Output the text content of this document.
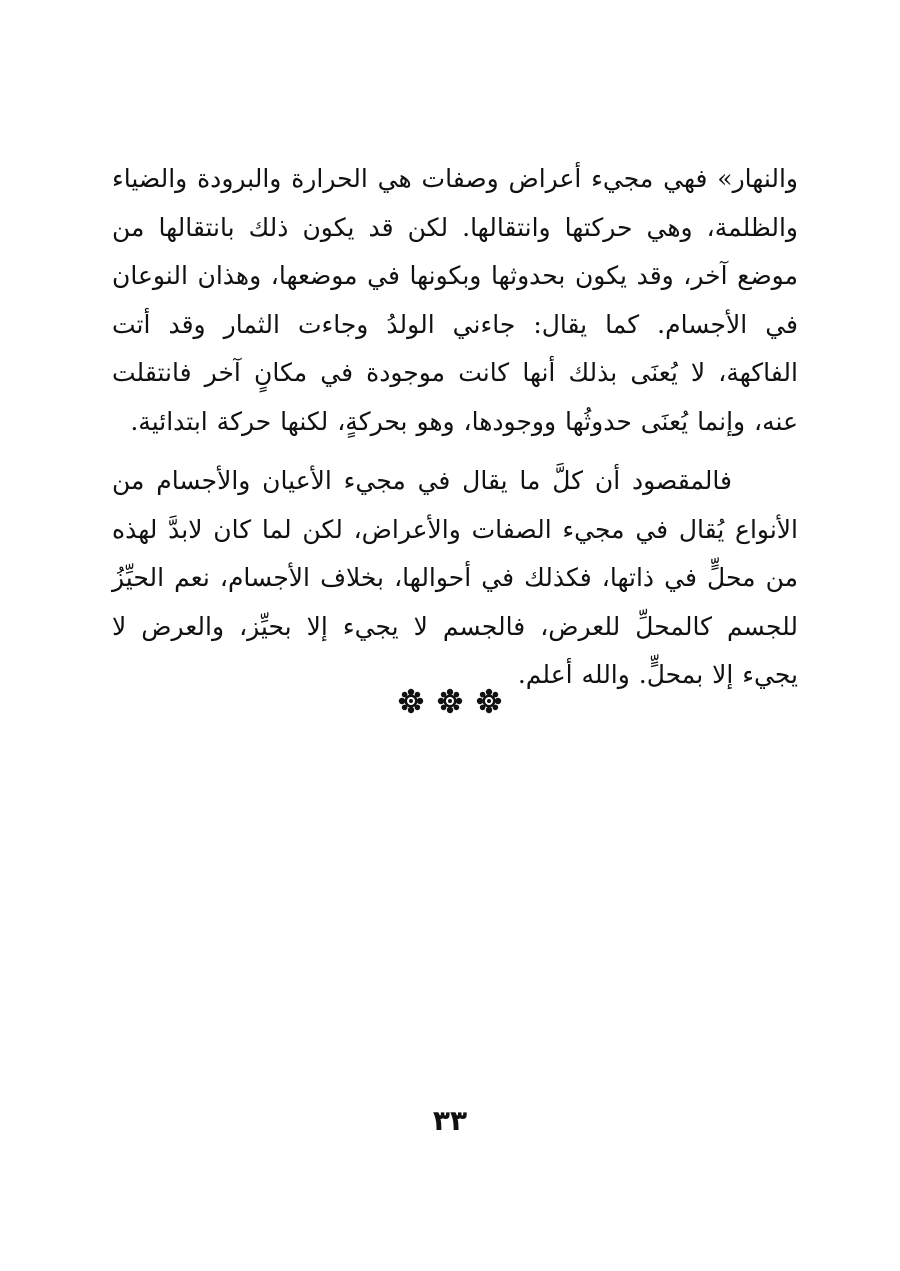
والنهار» فهي مجيء أعراض وصفات هي الحرارة والبرودة والضياء والظلمة، وهي حركتها وانتقالها. لكن قد يكون ذلك بانتقالها من موضع آخر، وقد يكون بحدوثها وبكونها في موضعها، وهذان النوعان في الأجسام. كما يقال: جاءني الولدُ وجاءت الثمار وقد أتت الفاكهة، لا يُعنَى بذلك أنها كانت موجودة في مكانٍ آخر فانتقلت عنه، وإنما يُعنَى حدوثُها ووجودها، وهو بحركةٍ، لكنها حركة ابتدائية.

فالمقصود أن كلَّ ما يقال في مجيء الأعيان والأجسام من الأنواع يُقال في مجيء الصفات والأعراض، لكن لما كان لابدَّ لهذه من محلٍّ في ذاتها، فكذلك في أحوالها، بخلاف الأجسام، نعم الحيِّزُ للجسم كالمحلِّ للعرض، فالجسم لا يجيء إلا بحيِّز، والعرض لا يجيء إلا بمحلٍّ. والله أعلم.

٣٣
